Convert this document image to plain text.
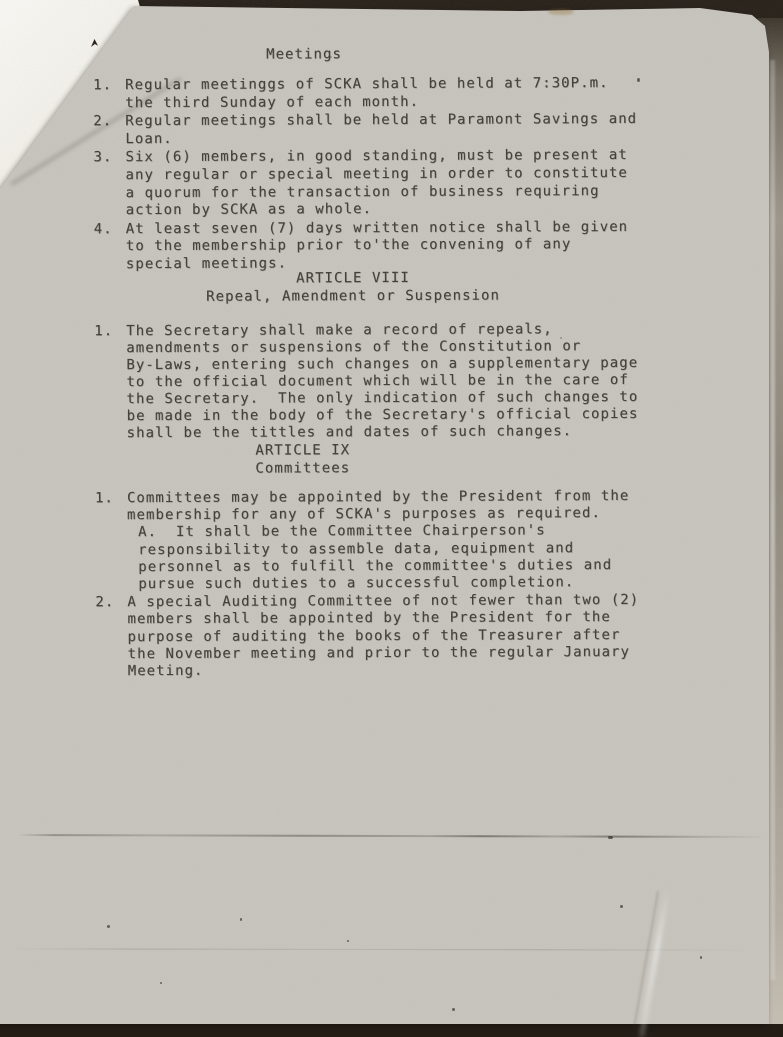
Meetings
1. Regular meetinggs of SCKA shall be held at 7:30P.m.
the third Sunday of each month.
2. Regular meetings shall be held at Paramont Savings and
Loan.
3. Six (6) members, in good standing, must be present at
any regular or special meeting in order to constitute
a quorum for the transaction of business requiring
action by SCKA as a whole.
4. At least seven (7) days written notice shall be given
to the membership prior to'the convening of any
special meetings.
ARTICLE VIII
Repeal, Amendment or Suspension
1. The Secretary shall make a record of repeals,
amendments or suspensions of the Constitution or
By-Laws, entering such changes on a supplementary page
to the official document which will be in the care of
the Secretary.  The only indication of such changes to
be made in the body of the Secretary's official copies
shall be the tittles and dates of such changes.
ARTICLE IX
Committees
1. Committees may be appointed by the President from the
membership for any of SCKA's purposes as required.
A.  It shall be the Committee Chairperson's
responsibility to assemble data, equipment and
personnel as to fulfill the committee's duties and
pursue such duties to a successful completion.
2. A special Auditing Committee of not fewer than two (2)
members shall be appointed by the President for the
purpose of auditing the books of the Treasurer after
the November meeting and prior to the regular January
Meeting.
